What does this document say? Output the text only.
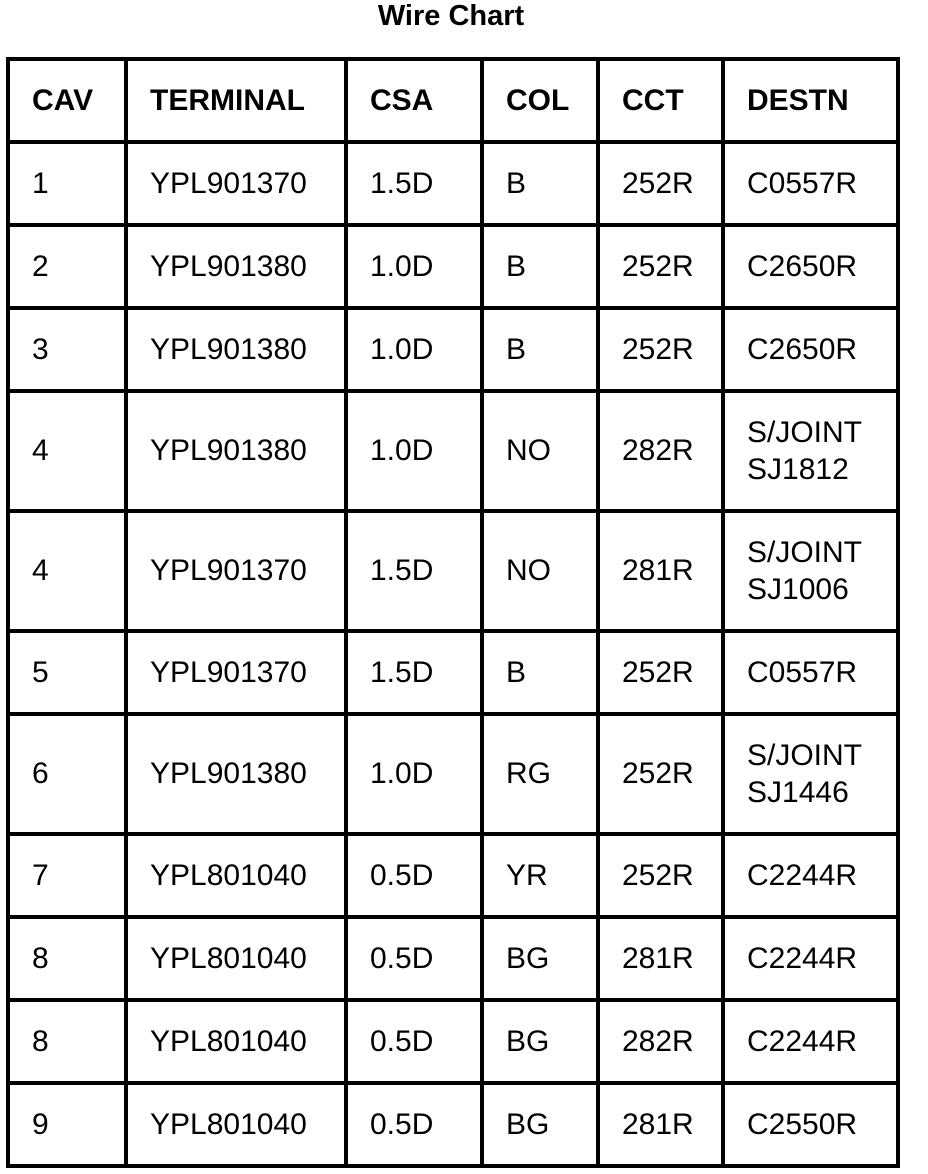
Wire Chart
CAV	TERMINAL	CSA	COL	CCT	DESTN
1	YPL901370	1.5D	B	252R	C0557R

2	YPL901380	1.0D	B	252R	C2650R

3	YPL901380	1.0D	B	252R	C2650R

4	YPL901380	1.0D	NO	282R	S/JOINT
SJ1812

4	YPL901370	1.5D	NO	281R	S/JOINT
SJ1006

5	YPL901370	1.5D	B	252R	C0557R

6	YPL901380	1.0D	RG	252R	S/JOINT
SJ1446

7	YPL801040	0.5D	YR	252R	C2244R

8	YPL801040	0.5D	BG	281R	C2244R

8	YPL801040	0.5D	BG	282R	C2244R

9	YPL801040	0.5D	BG	281R	C2550R
